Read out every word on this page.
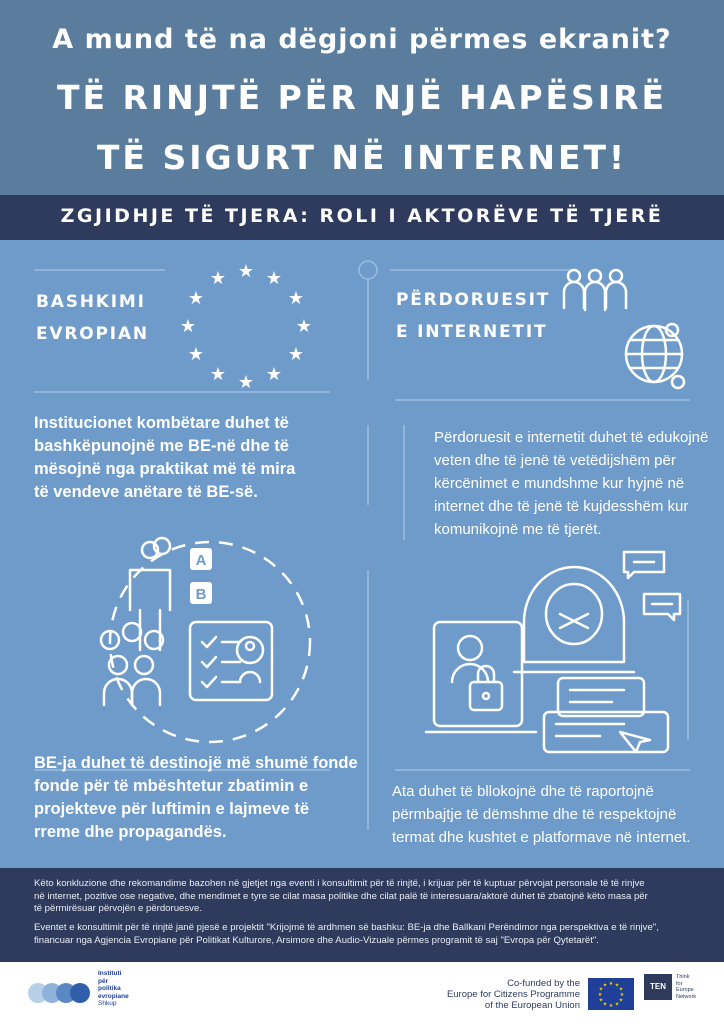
A mund të na dëgjoni përmes ekranit?
TË RINJTË PËR NJË HAPËSIRË
TË SIGURT NË INTERNET!
ZGJIDHJE TË TJERA: ROLI I AKTORËVE TË TJERË
BASHKIMI
EVROPIAN
★ ★
★
★
★
★
★
★
★
★
★
★
PËRDORUESIT
E INTERNETIT
Institucionet kombëtare duhet të
bashkëpunojnë me BE-në dhe të
mësojnë nga praktikat më të mira
të vendeve anëtare të BE-së.
Përdoruesit e internetit duhet të edukojnë
veten dhe të jenë të vetëdijshëm për
kërcënimet e mundshme kur hyjnë në
internet dhe të jenë të kujdesshëm kur
komunikojnë me të tjerët.
A
B
BE-ja duhet të destinojë më shumë fonde
fonde për të mbështetur zbatimin e
projekteve për luftimin e lajmeve të
rreme dhe propagandës.
Ata duhet të bllokojnë dhe të raportojnë
përmbajtje të dëmshme dhe të respektojnë
termat dhe kushtet e platformave në internet.

Këto konkluzione dhe rekomandime bazohen në gjetjet nga eventi i konsultimit për të rinjtë, i krijuar për të kuptuar përvojat personale të të rinjve
në internet, pozitive ose negative, dhe mendimet e tyre se cilat masa politike dhe cilat palë të interesuara/aktorë duhet të zbatojnë këto masa për
të përmirësuar përvojën e përdoruesve.

Eventet e konsultimit për të rinjtë janë pjesë e projektit "Krijojmë të ardhmen së bashku: BE-ja dhe Ballkani Perëndimor nga perspektiva e të rinjve",
financuar nga Agjencia Evropiane për Politikat Kulturore, Arsimore dhe Audio-Vizuale përmes programit të saj "Evropa për Qytetarët".

Instituti
për
politika
evropiane
Shkup
Co-funded by the
Europe for Citizens Programme
of the European Union
★ ★
★
★
★
★
★
★
★
★
★
★	TEN
Think
for
Europe
Network
